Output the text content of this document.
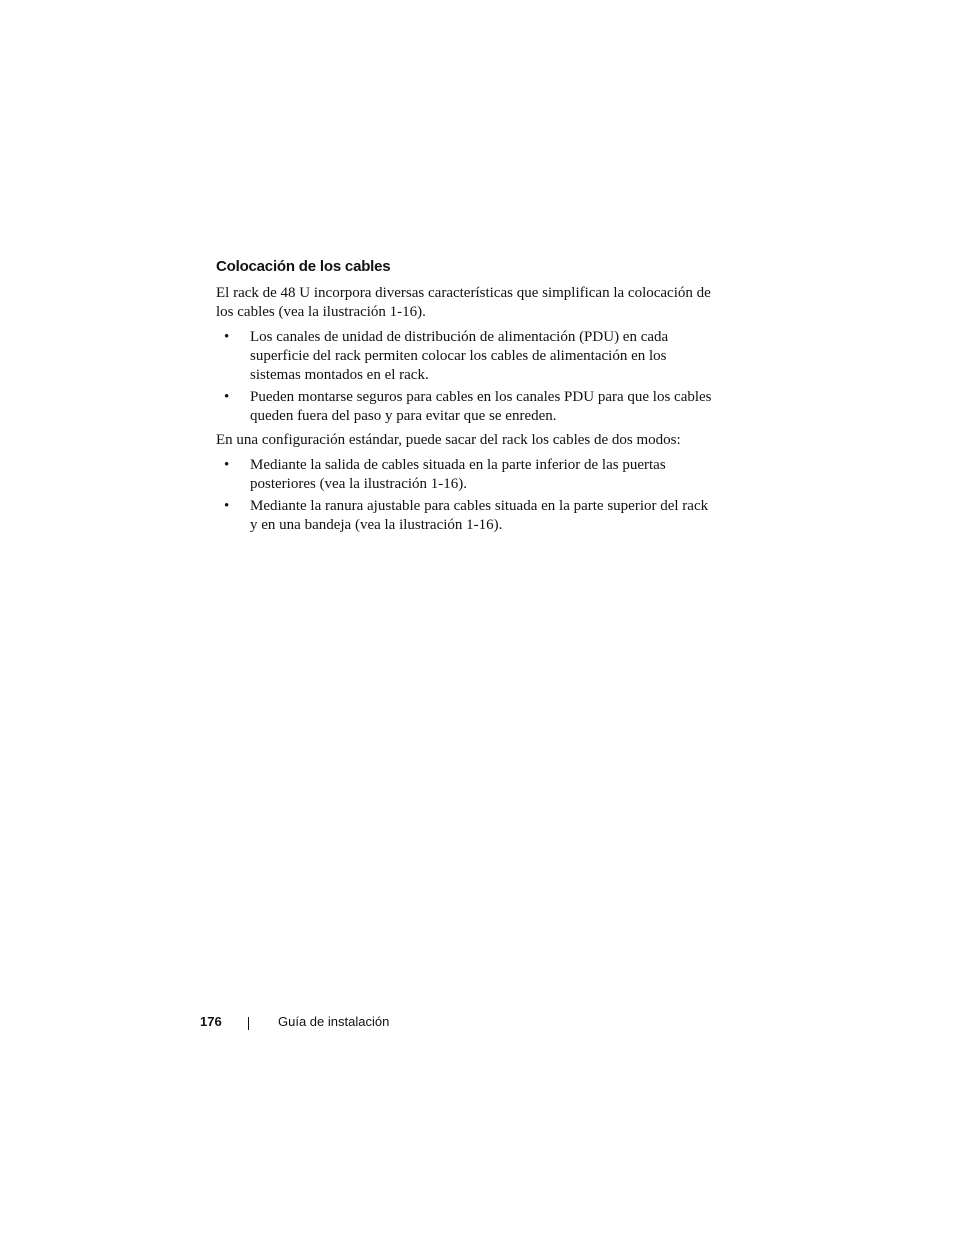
Colocación de los cables

El rack de 48 U incorpora diversas características que simplifican la colocación de los cables (vea la ilustración 1-16).

• Los canales de unidad de distribución de alimentación (PDU) en cada superficie del rack permiten colocar los cables de alimentación en los sistemas montados en el rack.
• Pueden montarse seguros para cables en los canales PDU para que los cables queden fuera del paso y para evitar que se enreden.

En una configuración estándar, puede sacar del rack los cables de dos modos:

• Mediante la salida de cables situada en la parte inferior de las puertas posteriores (vea la ilustración 1-16).
• Mediante la ranura ajustable para cables situada en la parte superior del rack y en una bandeja (vea la ilustración 1-16).
176	Guía de instalación
